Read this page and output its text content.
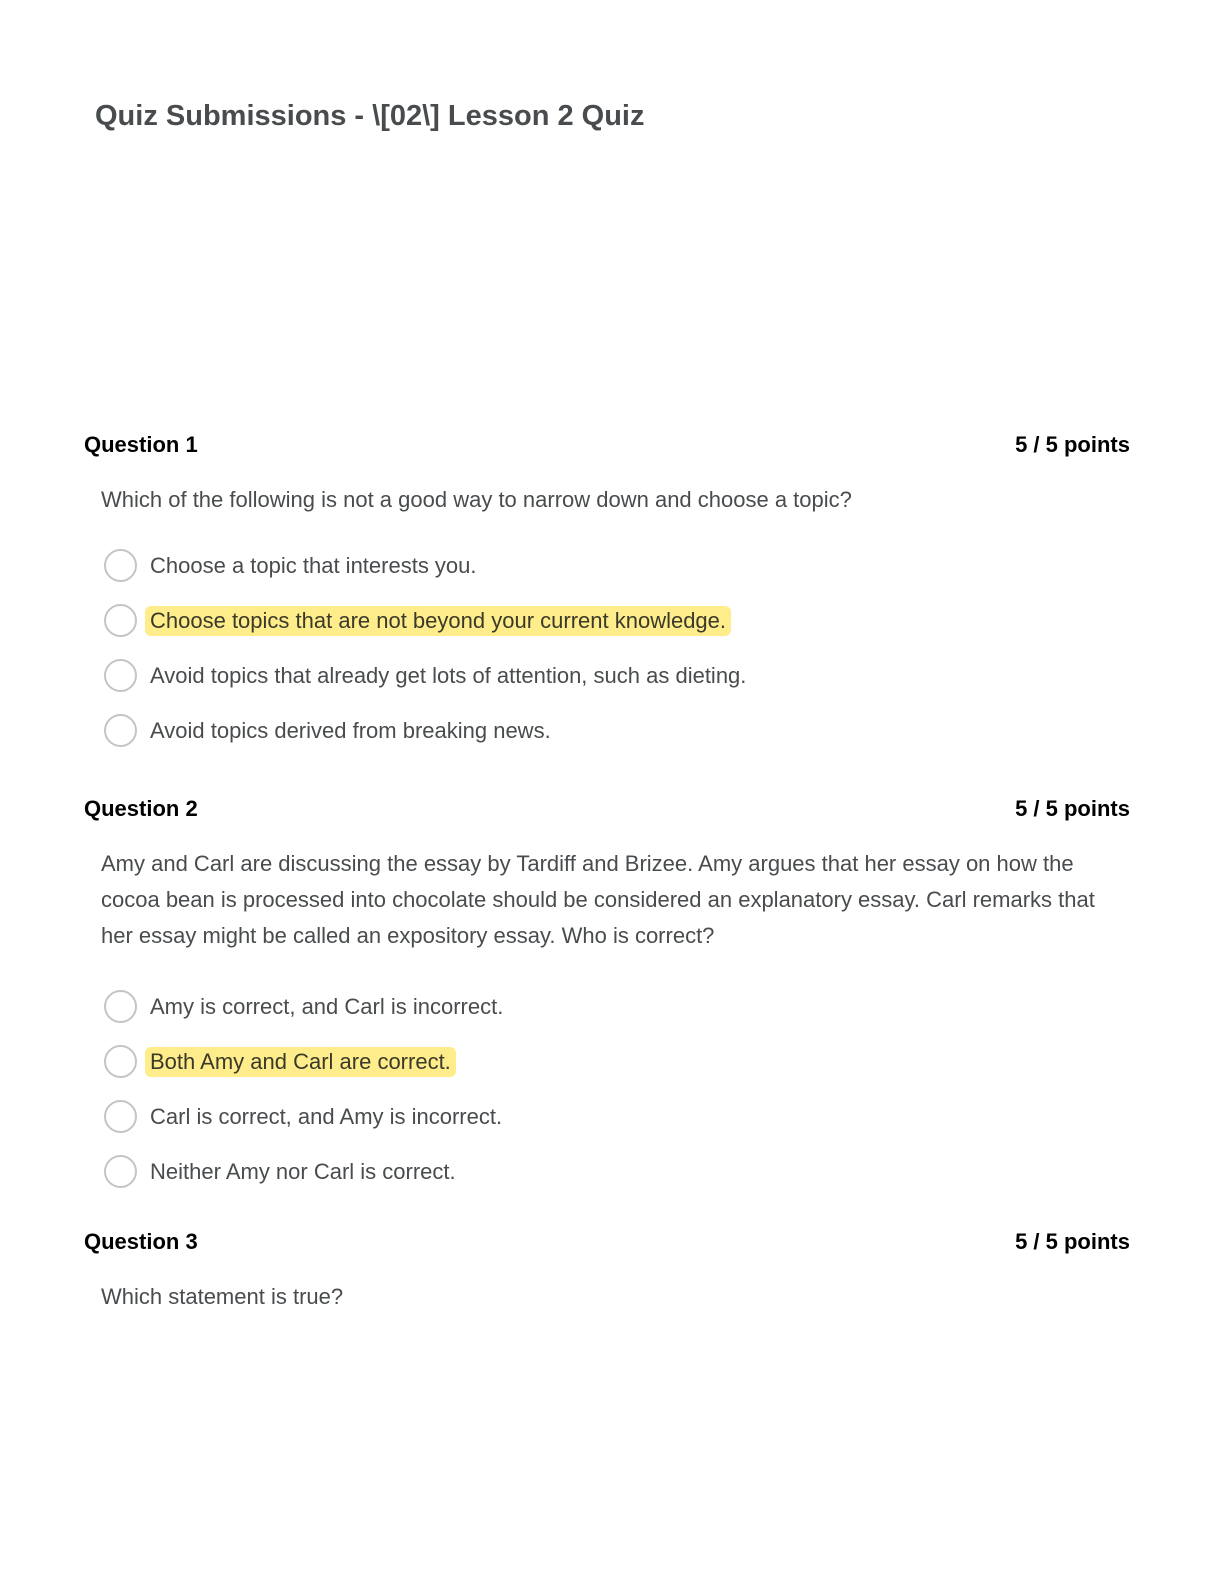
Quiz Submissions - \[02\] Lesson 2 Quiz
Question 1	5 / 5 points

Which of the following is not a good way to narrow down and choose a topic?

Choose a topic that interests you.
Choose topics that are not beyond your current knowledge.
Avoid topics that already get lots of attention, such as dieting.
Avoid topics derived from breaking news.
Question 2	5 / 5 points

Amy and Carl are discussing the essay by Tardiff and Brizee. Amy argues that her essay on how the cocoa bean is processed into chocolate should be considered an explanatory essay. Carl remarks that her essay might be called an expository essay. Who is correct?

Amy is correct, and Carl is incorrect.
Both Amy and Carl are correct.
Carl is correct, and Amy is incorrect.
Neither Amy nor Carl is correct.
Question 3	5 / 5 points

Which statement is true?
